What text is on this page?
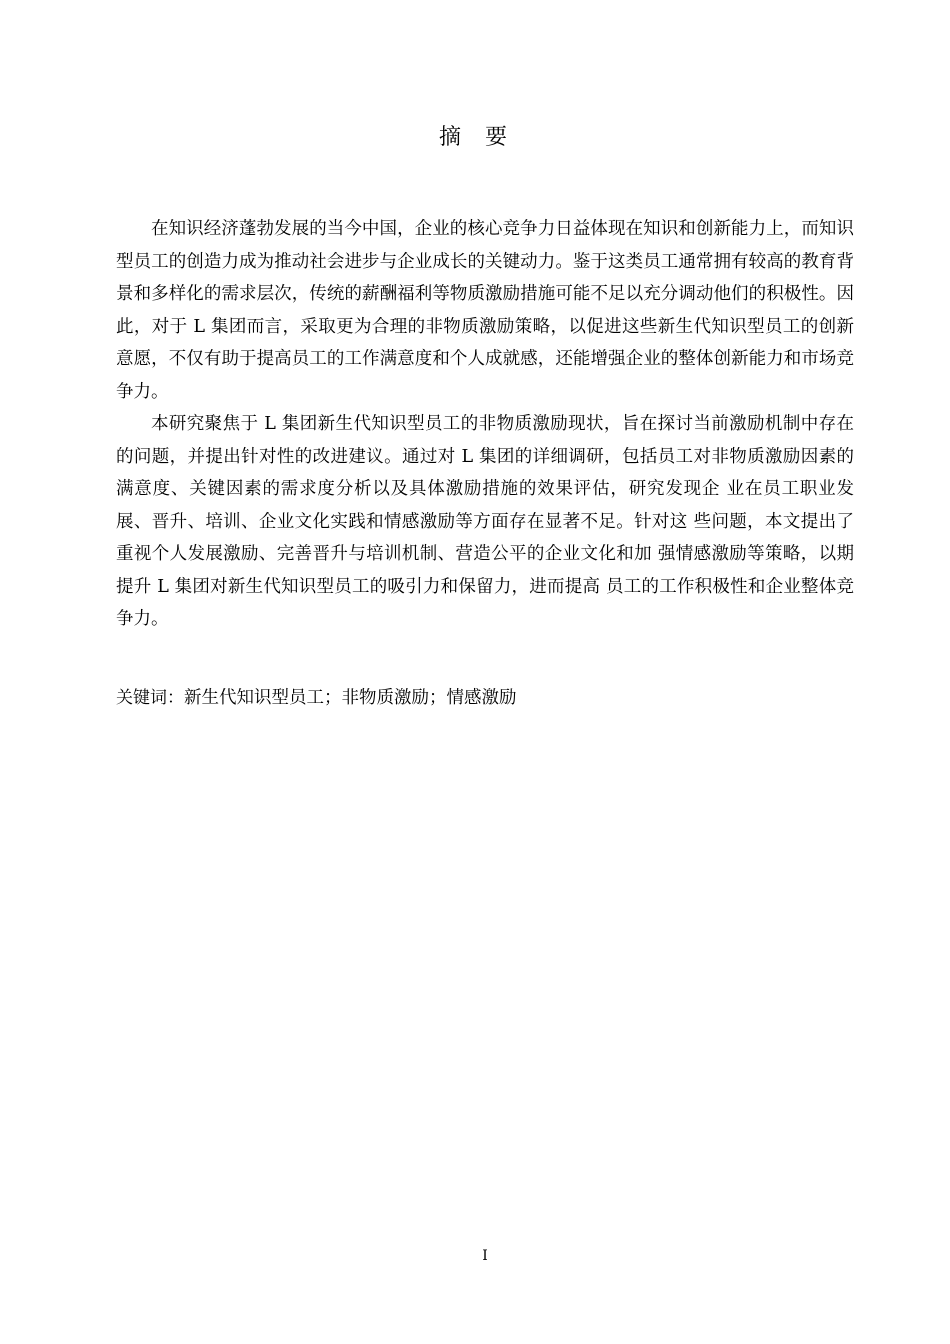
摘要

在知识经济蓬勃发展的当今中国，企业的核心竞争力日益体现在知识和创新能力上，而知识型员工的创造力成为推动社会进步与企业成长的关键动力。鉴于这类员工通常拥有较高的教育背景和多样化的需求层次，传统的薪酬福利等物质激励措施可能不足以充分调动他们的积极性。因此，对于 L 集团而言，采取更为合理的非物质激励策略，以促进这些新生代知识型员工的创新意愿，不仅有助于提高员工的工作满意度和个人成就感，还能增强企业的整体创新能力和市场竞争力。

本研究聚焦于 L 集团新生代知识型员工的非物质激励现状，旨在探讨当前激励机制中存在的问题，并提出针对性的改进建议。通过对 L 集团的详细调研，包括员工对非物质激励因素的满意度、关键因素的需求度分析以及具体激励措施的效果评估，研究发现企 业在员工职业发展、晋升、培训、企业文化实践和情感激励等方面存在显著不足。针对这 些问题，本文提出了重视个人发展激励、完善晋升与培训机制、营造公平的企业文化和加 强情感激励等策略，以期提升 L 集团对新生代知识型员工的吸引力和保留力，进而提高 员工的工作积极性和企业整体竞争力。

关键词：新生代知识型员工；非物质激励；情感激励
I
